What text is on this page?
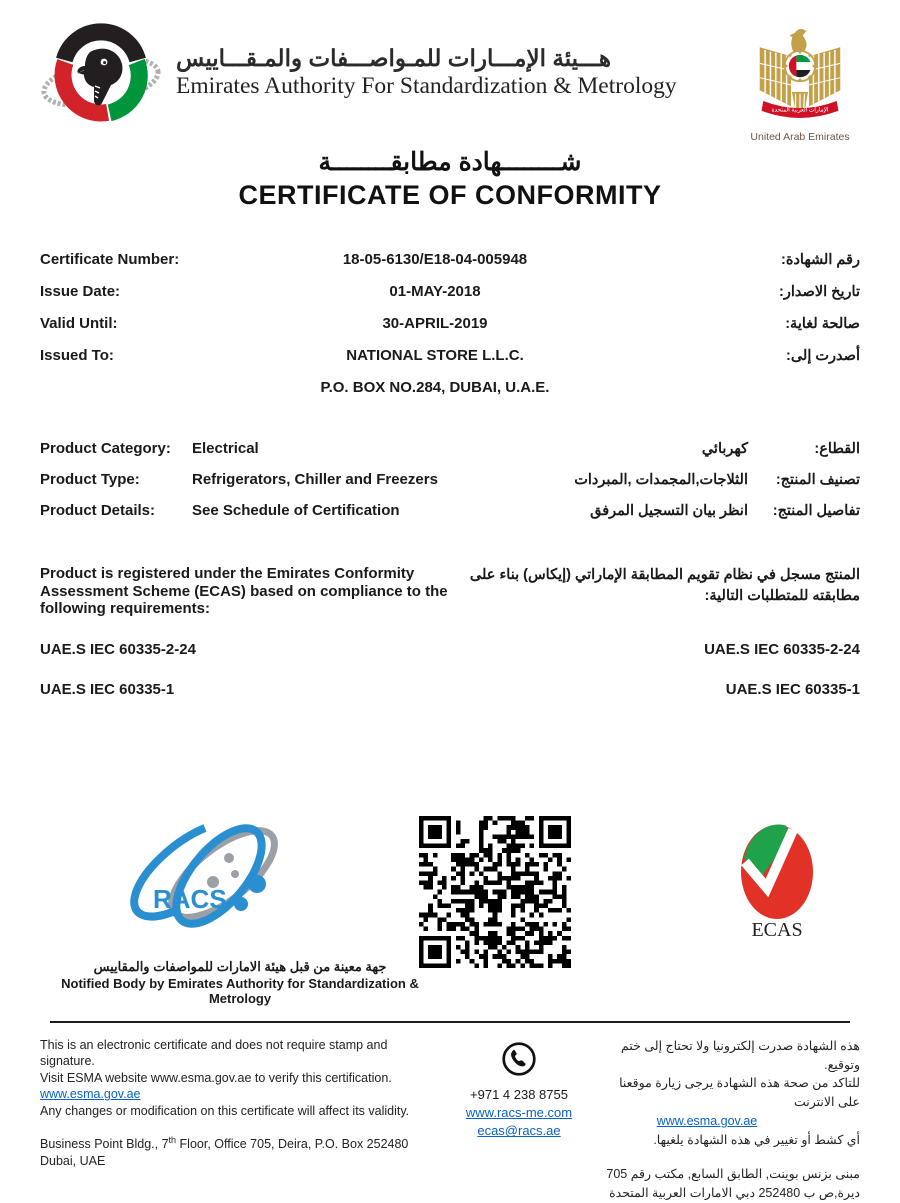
هـــيئة الإمـــارات للمـواصـــفات والمـقـــاييس
Emirates Authority For Standardization & Metrology
الإمارات العربية المتحدة
United Arab Emirates
شــــــــهادة مطابقــــــــة
CERTIFICATE OF CONFORMITY
Certificate Number:	18-05-6130/E18-04-005948	رقم الشهادة:
Issue Date:	01-MAY-2018	تاريخ الاصدار:
Valid Until:	30-APRIL-2019	صالحة لغاية:
Issued To:	NATIONAL STORE L.L.C.	أصدرت إلى:
P.O. BOX NO.284, DUBAI, U.A.E.
Product Category:	Electrical	كهربائي	القطاع:
Product Type:	Refrigerators, Chiller and Freezers	الثلاجات,المجمدات ,المبردات	تصنيف المنتج:
Product Details:	See Schedule of Certification	انظر بيان التسجيل المرفق	تفاصيل المنتج:
Product is registered under the Emirates Conformity Assessment Scheme (ECAS) based on compliance to the following requirements:
المنتج مسجل في نظام تقويم المطابقة الإماراتي (إيكاس) بناء على مطابقته للمتطلبات التالية:
UAE.S IEC 60335-2-24	UAE.S IEC 60335-2-24
UAE.S IEC 60335-1	UAE.S IEC 60335-1
RACS
ECAS
جهة معينة من قبل هيئة الامارات للمواصفات والمقاييس
Notified Body by Emirates Authority for Standardization & Metrology
This is an electronic certificate and does not require stamp and signature.
Visit ESMA website www.esma.gov.ae to verify this certification.
www.esma.gov.ae
Any changes or modification on this certificate will affect its validity.
Business Point Bldg., 7th Floor, Office 705, Deira, P.O. Box 252480 Dubai, UAE
+971 4 238 8755
www.racs-me.com
ecas@racs.ae
هذه الشهادة صدرت إلكترونيا ولا تحتاج إلى ختم وتوقيع.
للتاكد من صحة هذه الشهادة يرجى زيارة موقعنا على الانترنت
www.esma.gov.ae
أي كشط أو تغيير في هذه الشهادة يلغيها.
مبنى بزنس بوينت, الطابق السابع, مكتب رقم 705 ديرة,ص ب 252480 دبي الامارات العربية المتحدة
